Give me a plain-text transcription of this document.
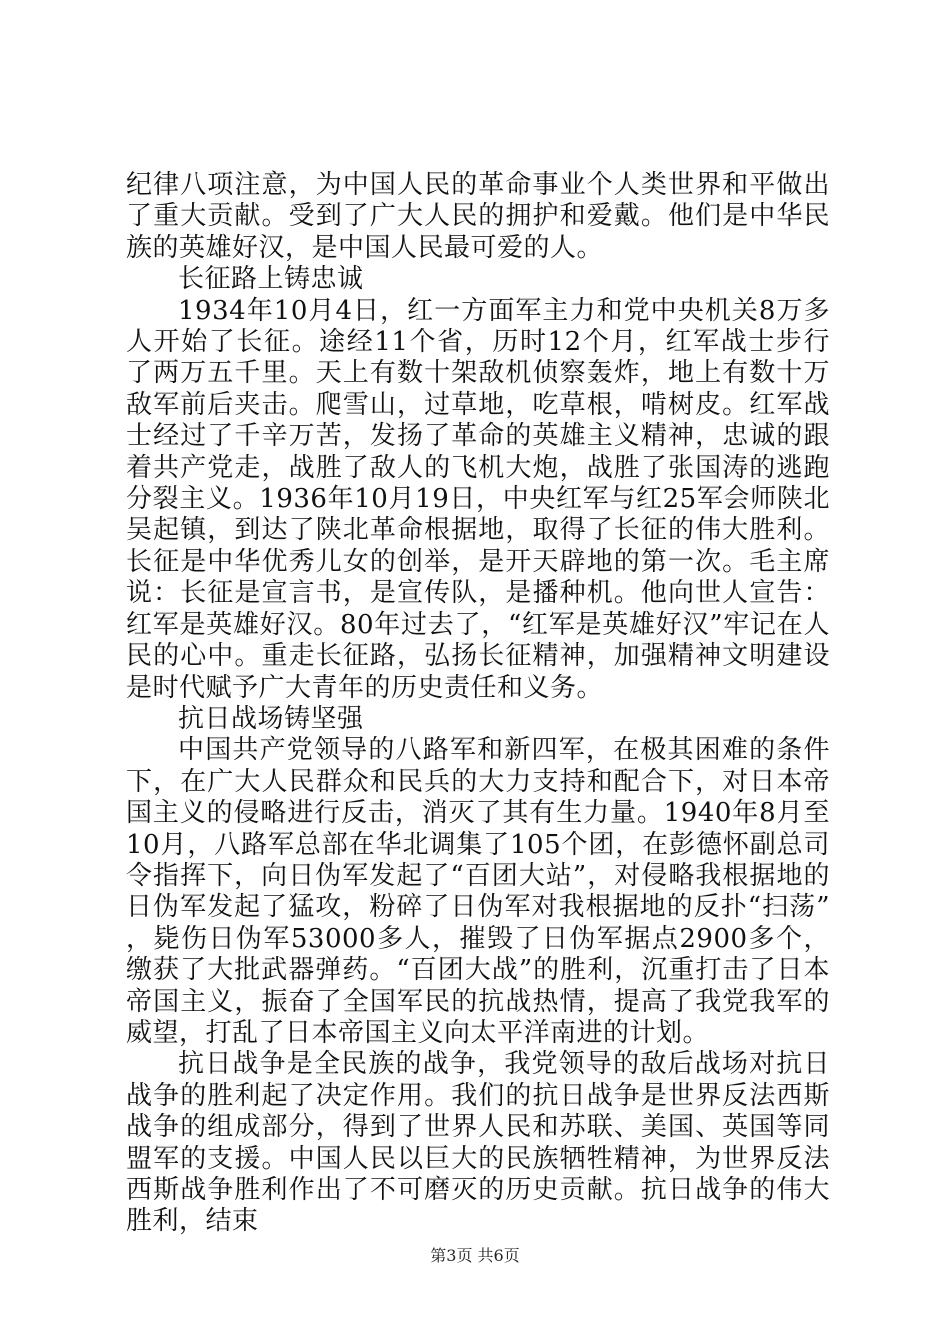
纪律八项注意，为中国人民的革命事业个人类世界和平做出了重大贡献。受到了广大人民的拥护和爱戴。他们是中华民族的英雄好汉，是中国人民最可爱的人。

长征路上铸忠诚

1934年10月4日，红一方面军主力和党中央机关8万多人开始了长征。途经11个省，历时12个月，红军战士步行了两万五千里。天上有数十架敌机侦察轰炸，地上有数十万敌军前后夹击。爬雪山，过草地，吃草根，啃树皮。红军战士经过了千辛万苦，发扬了革命的英雄主义精神，忠诚的跟着共产党走，战胜了敌人的飞机大炮，战胜了张国涛的逃跑分裂主义。1936年10月19日，中央红军与红25军会师陕北吴起镇，到达了陕北革命根据地，取得了长征的伟大胜利。长征是中华优秀儿女的创举，是开天辟地的第一次。毛主席说：长征是宣言书，是宣传队，是播种机。他向世人宣告：红军是英雄好汉。80年过去了，“红军是英雄好汉”牢记在人民的心中。重走长征路，弘扬长征精神，加强精神文明建设是时代赋予广大青年的历史责任和义务。

抗日战场铸坚强

中国共产党领导的八路军和新四军，在极其困难的条件下，在广大人民群众和民兵的大力支持和配合下，对日本帝国主义的侵略进行反击，消灭了其有生力量。1940年8月至10月，八路军总部在华北调集了105个团，在彭德怀副总司令指挥下，向日伪军发起了“百团大站”，对侵略我根据地的日伪军发起了猛攻，粉碎了日伪军对我根据地的反扑“扫荡”，毙伤日伪军53000多人，摧毁了日伪军据点2900多个，缴获了大批武器弹药。“百团大战”的胜利，沉重打击了日本帝国主义，振奋了全国军民的抗战热情，提高了我党我军的威望，打乱了日本帝国主义向太平洋南进的计划。

抗日战争是全民族的战争，我党领导的敌后战场对抗日战争的胜利起了决定作用。我们的抗日战争是世界反法西斯战争的组成部分，得到了世界人民和苏联、美国、英国等同盟军的支援。中国人民以巨大的民族牺牲精神，为世界反法西斯战争胜利作出了不可磨灭的历史贡献。抗日战争的伟大胜利，结束

第3页 共6页
